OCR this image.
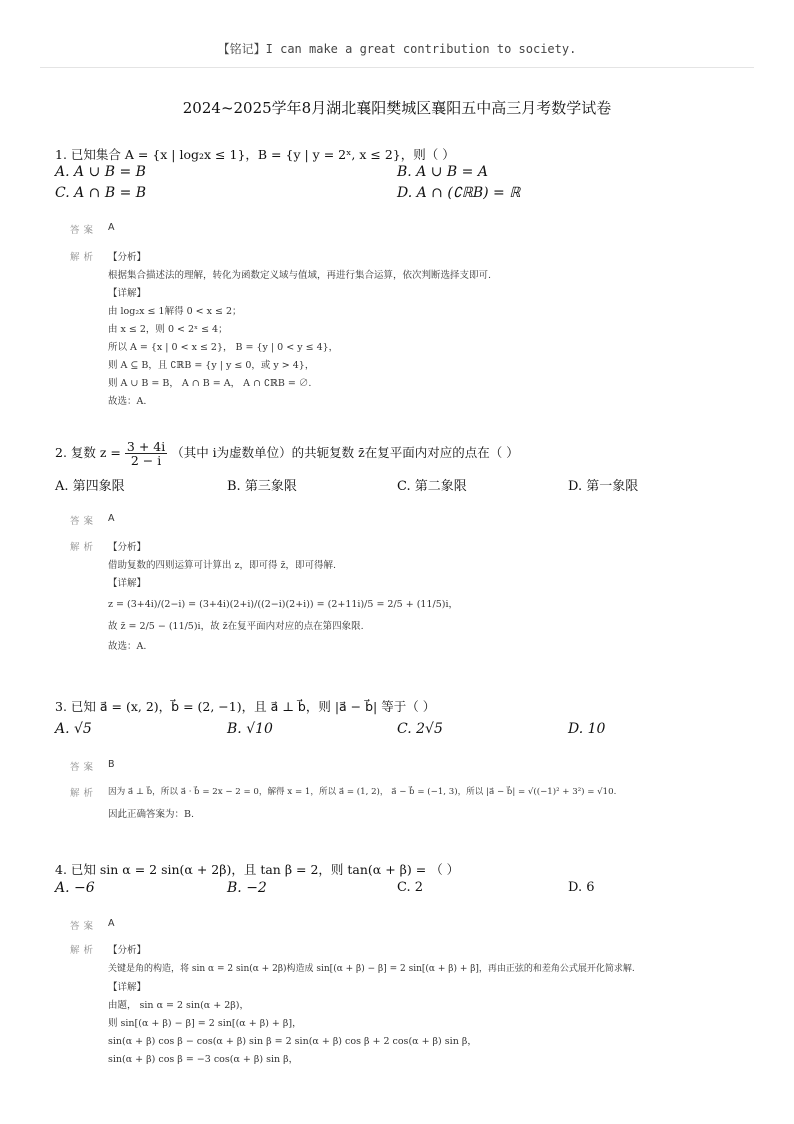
【铭记】I can make a great contribution to society.
2024~2025学年8月湖北襄阳樊城区襄阳五中高三月考数学试卷
1. 已知集合 A = {x | log₂x ≤ 1}，B = {y | y = 2ˣ, x ≤ 2}，则（ ）
A. A ∪ B = B	B. A ∪ B = A
C. A ∩ B = B	D. A ∩ (∁ℝB) = ℝ
答案 A
解析 【分析】
根据集合描述法的理解，转化为函数定义域与值域，再进行集合运算，依次判断选择支即可.
【详解】
由 log₂x ≤ 1解得 0 < x ≤ 2；
由 x ≤ 2，则 0 < 2ˣ ≤ 4；
所以 A = {x | 0 < x ≤ 2}， B = {y | 0 < y ≤ 4}，
则 A ⊆ B，且 ∁ℝB = {y | y ≤ 0，或 y > 4}，
则 A ∪ B = B， A ∩ B = A， A ∩ ∁ℝB = ∅.
故选：A.
2. 复数 $z = \frac{3 + 4i}{2 - i}$ （其中 i为虚数单位）的共轭复数 z̄在复平面内对应的点在（ ）
A. 第四象限	B. 第三象限	C. 第二象限	D. 第一象限
答案 A
解析 【分析】
借助复数的四则运算可计算出 z，即可得 z̄，即可得解.
【详解】
z = (3+4i)/(2−i) = (3+4i)(2+i)/((2−i)(2+i)) = (2+11i)/5 = 2/5 + (11/5)i，
故 z̄ = 2/5 − (11/5)i，故 z̄在复平面内对应的点在第四象限.
故选：A.
3. 已知 a⃗ = (x, 2)，b⃗ = (2, −1)，且 a⃗ ⊥ b⃗，则 |a⃗ − b⃗| 等于（ ）
A. √5	B. √10	C. 2√5	D. 10
答案 B
解析 因为 a⃗ ⊥ b⃗，所以 a⃗ · b⃗ = 2x − 2 = 0，解得 x = 1，所以 a⃗ = (1, 2)， a⃗ − b⃗ = (−1, 3)，所以 |a⃗ − b⃗| = √((−1)² + 3²) = √10.
因此正确答案为：B.
4. 已知 sin α = 2 sin(α + 2β)，且 tan β = 2，则 tan(α + β) = （ ）
A. −6	B. −2	C. 2	D. 6
答案 A
解析 【分析】
关键是角的构造，将 sin α = 2 sin(α + 2β)构造成 sin[(α + β) − β] = 2 sin[(α + β) + β]，再由正弦的和差角公式展开化简求解.
【详解】
由题， sin α = 2 sin(α + 2β)，
则 sin[(α + β) − β] = 2 sin[(α + β) + β]，
sin(α + β) cos β − cos(α + β) sin β = 2 sin(α + β) cos β + 2 cos(α + β) sin β，
sin(α + β) cos β = −3 cos(α + β) sin β，
